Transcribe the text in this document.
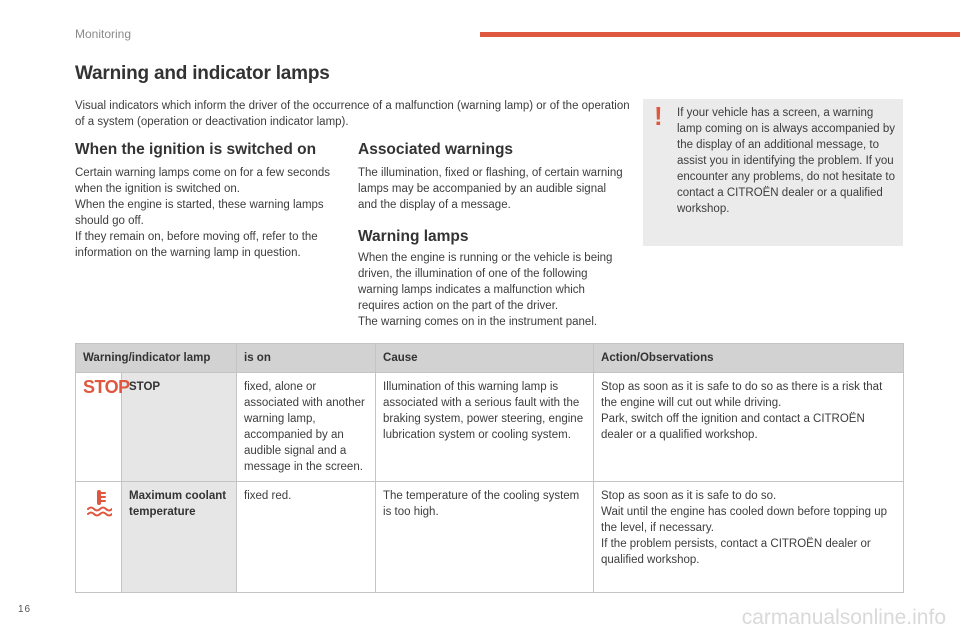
Monitoring
Warning and indicator lamps

Visual indicators which inform the driver of the occurrence of a malfunction (warning lamp) or of the operation of a system (operation or deactivation indicator lamp).

When the ignition is switched on

Certain warning lamps come on for a few seconds when the ignition is switched on.
When the engine is started, these warning lamps should go off.
If they remain on, before moving off, refer to the information on the warning lamp in question.

Associated warnings

The illumination, fixed or flashing, of certain warning lamps may be accompanied by an audible signal and the display of a message.

Warning lamps

When the engine is running or the vehicle is being driven, the illumination of one of the following warning lamps indicates a malfunction which requires action on the part of the driver.
The warning comes on in the instrument panel.

! If your vehicle has a screen, a warning lamp coming on is always accompanied by the display of an additional message, to assist you in identifying the problem. If you encounter any problems, do not hesitate to contact a CITROËN dealer or a qualified workshop.

Warning/indicator lamp		is on	Cause	Action/Observations
STOP	STOP	fixed, alone or associated with another warning lamp, accompanied by an audible signal and a message in the screen.	Illumination of this warning lamp is associated with a serious fault with the braking system, power steering, engine lubrication system or cooling system.	Stop as soon as it is safe to do so as there is a risk that the engine will cut out while driving.
Park, switch off the ignition and contact a CITROËN dealer or a qualified workshop.

	Maximum coolant temperature	fixed red.	The temperature of the cooling system is too high.	Stop as soon as it is safe to do so.
Wait until the engine has cooled down before topping up the level, if necessary.
If the problem persists, contact a CITROËN dealer or qualified workshop.
16	carmanualsonline.info
